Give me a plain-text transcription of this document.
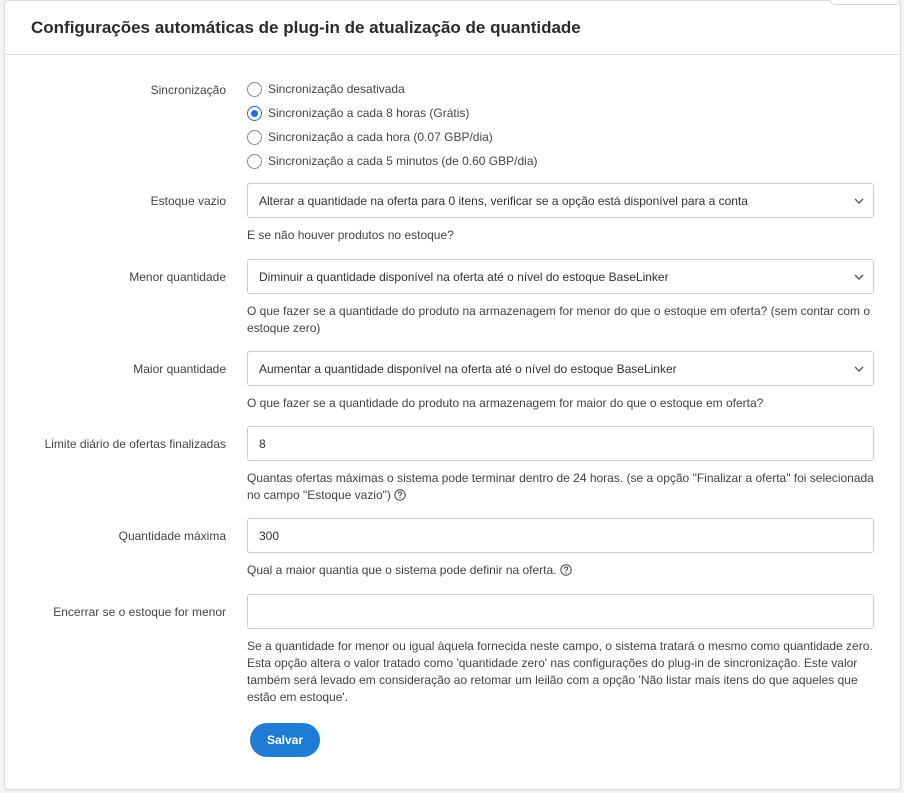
Configurações automáticas de plug-in de atualização de quantidade
Sincronização	Sincronização desativada
Sincronização a cada 8 horas (Grátis)
Sincronização a cada hora (0.07 GBP/dia)
Sincronização a cada 5 minutos (de 0.60 GBP/dia)
Estoque vazio	Alterar a quantidade na oferta para 0 itens, verificar se a opção está disponível para a conta
E se não houver produtos no estoque?
Menor quantidade	Diminuir a quantidade disponível na oferta até o nível do estoque BaseLinker
O que fazer se a quantidade do produto na armazenagem for menor do que o estoque em oferta? (sem contar com o estoque zero)
Maior quantidade	Aumentar a quantidade disponível na oferta até o nível do estoque BaseLinker
O que fazer se a quantidade do produto na armazenagem for maior do que o estoque em oferta?
Limite diário de ofertas finalizadas	8
Quantas ofertas máximas o sistema pode terminar dentro de 24 horas. (se a opção "Finalizar a oferta" foi selecionada no campo "Estoque vazio")
Quantidade máxima	300
Qual a maior quantia que o sistema pode definir na oferta.
Encerrar se o estoque for menor
Se a quantidade for menor ou igual àquela fornecida neste campo, o sistema tratará o mesmo como quantidade zero. Esta opção altera o valor tratado como 'quantidade zero' nas configurações do plug-in de sincronização. Este valor também será levado em consideração ao retomar um leilão com a opção 'Não listar mais itens do que aqueles que estão em estoque'.
Salvar
